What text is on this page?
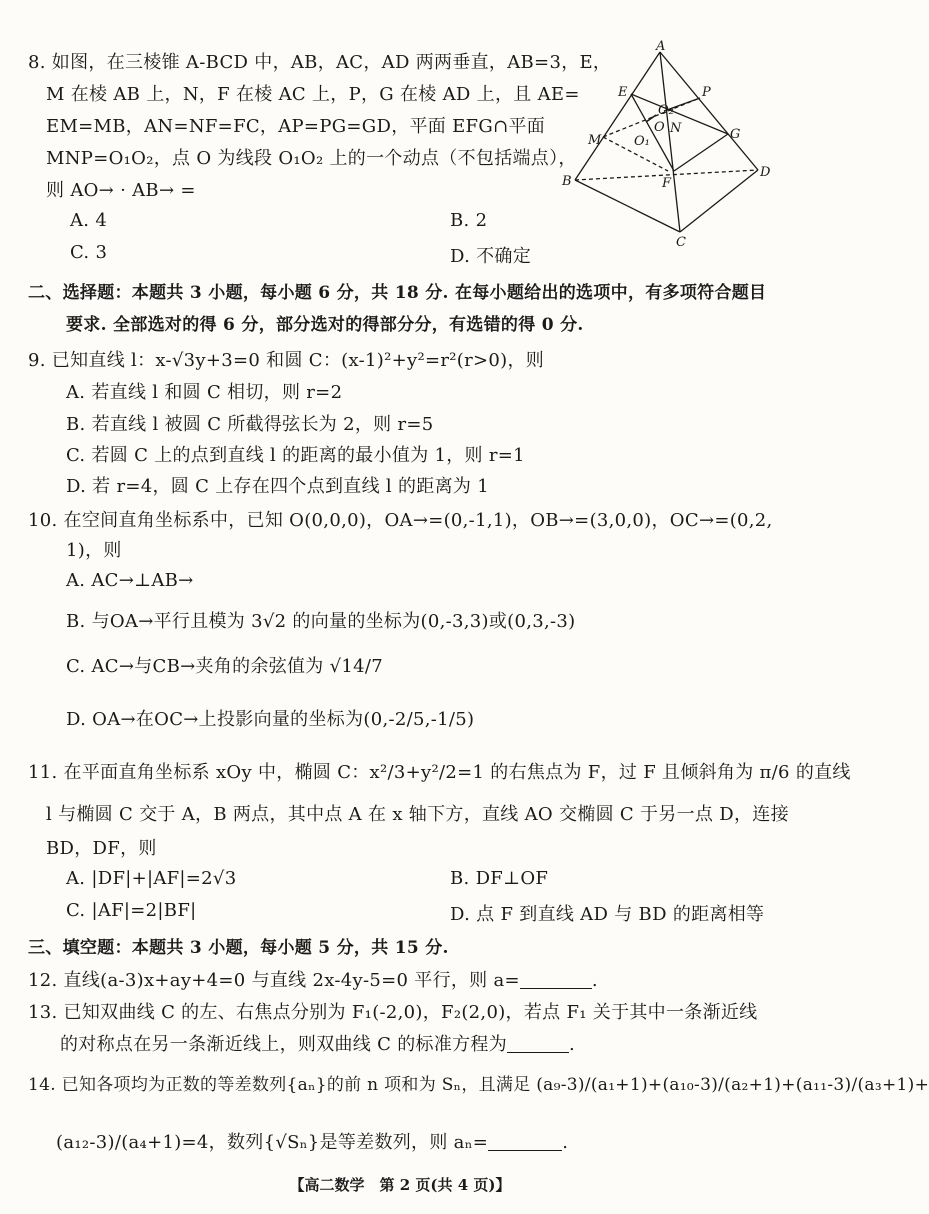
8. 如图，在三棱锥 A-BCD 中，AB，AC，AD 两两垂直，AB=3，E，
M 在棱 AB 上，N，F 在棱 AC 上，P，G 在棱 AD 上，且 AE=
EM=MB，AN=NF=FC，AP=PG=GD，平面 EFG∩平面
MNP=O₁O₂，点 O 为线段 O₁O₂ 上的一个动点（不包括端点），
则 AO→ · AB→ =
A. 4	B. 2
C. 3	D. 不确定
A
B
C
D
E
M
F
N
P
G
O
O₁
O₂
二、选择题：本题共 3 小题，每小题 6 分，共 18 分. 在每小题给出的选项中，有多项符合题目
要求. 全部选对的得 6 分，部分选对的得部分分，有选错的得 0 分.
9. 已知直线 l：x-√3y+3=0 和圆 C：(x-1)²+y²=r²(r>0)，则
A. 若直线 l 和圆 C 相切，则 r=2
B. 若直线 l 被圆 C 所截得弦长为 2，则 r=5
C. 若圆 C 上的点到直线 l 的距离的最小值为 1，则 r=1
D. 若 r=4，圆 C 上存在四个点到直线 l 的距离为 1
10. 在空间直角坐标系中，已知 O(0,0,0)，OA→=(0,-1,1)，OB→=(3,0,0)，OC→=(0,2,
1)，则
A. AC→⊥AB→
B. 与OA→平行且模为 3√2 的向量的坐标为(0,-3,3)或(0,3,-3)
C. AC→与CB→夹角的余弦值为 √14/7
D. OA→在OC→上投影向量的坐标为(0,-2/5,-1/5)
11. 在平面直角坐标系 xOy 中，椭圆 C：x²/3+y²/2=1 的右焦点为 F，过 F 且倾斜角为 π/6 的直线
l 与椭圆 C 交于 A，B 两点，其中点 A 在 x 轴下方，直线 AO 交椭圆 C 于另一点 D，连接
BD，DF，则
A. |DF|+|AF|=2√3	B. DF⊥OF
C. |AF|=2|BF|	D. 点 F 到直线 AD 与 BD 的距离相等
三、填空题：本题共 3 小题，每小题 5 分，共 15 分.
12. 直线(a-3)x+ay+4=0 与直线 2x-4y-5=0 平行，则 a=	.
13. 已知双曲线 C 的左、右焦点分别为 F₁(-2,0)，F₂(2,0)，若点 F₁ 关于其中一条渐近线
的对称点在另一条渐近线上，则双曲线 C 的标准方程为	.
14. 已知各项均为正数的等差数列{aₙ}的前 n 项和为 Sₙ，且满足 (a₉-3)/(a₁+1)+(a₁₀-3)/(a₂+1)+(a₁₁-3)/(a₃+1)+
(a₁₂-3)/(a₄+1)=4，数列{√Sₙ}是等差数列，则 aₙ=	.
【高二数学　第 2 页(共 4 页)】
